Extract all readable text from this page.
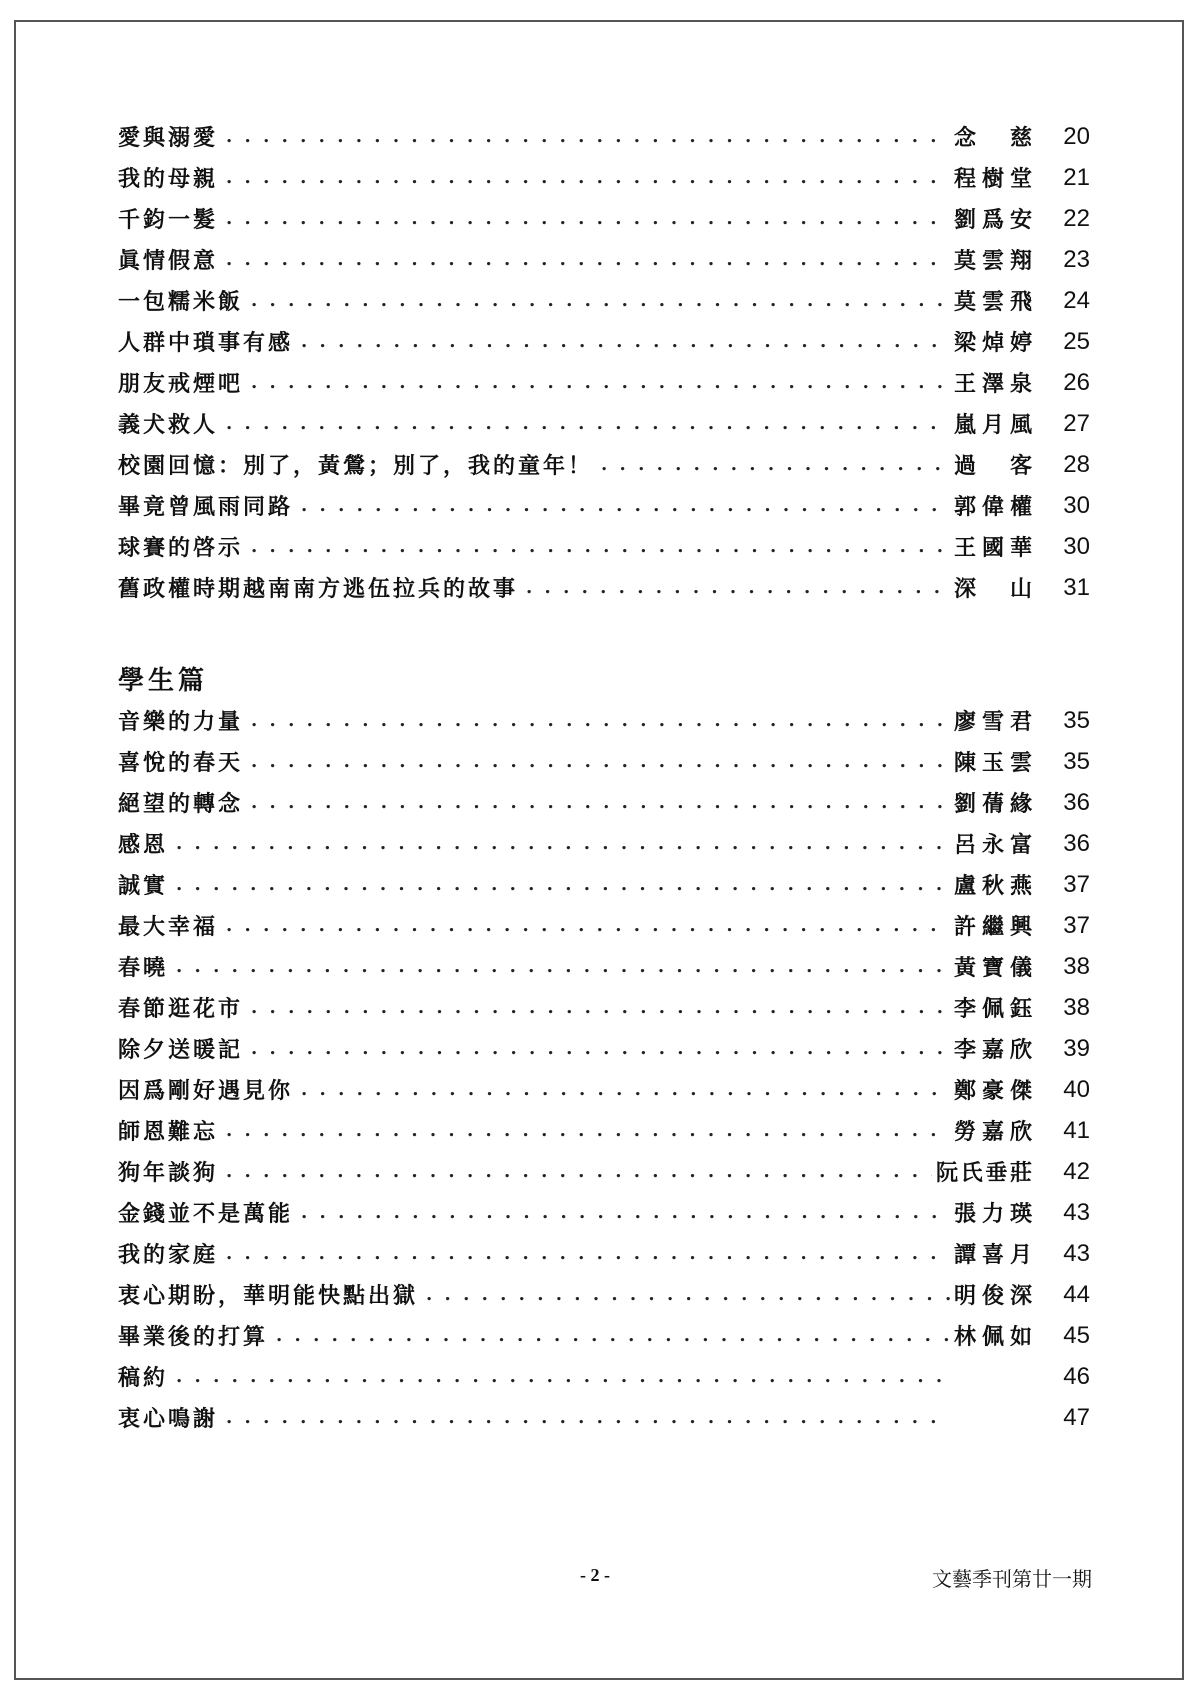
愛與溺愛 . . .	念　慈	20
我的母親 . . .	程樹堂	21
千鈞一髮 . . .	劉爲安	22
眞情假意 . . .	莫雲翔	23
一包糯米飯 . . .	莫雲飛	24
人群中瑣事有感 . . .	梁焯婷	25
朋友戒煙吧 . . .	王澤泉	26
義犬救人 . . .	嵐月風	27
校園回憶：別了，黃鶯；別了，我的童年！ . . .	過　客	28
畢竟曾風雨同路 . . .	郭偉權	30
球賽的啓示 . . .	王國華	30
舊政權時期越南南方逃伍拉兵的故事 . . .	深　山	31
學生篇
音樂的力量 . . .	廖雪君	35
喜悅的春天 . . .	陳玉雲	35
絕望的轉念 . . .	劉蒨緣	36
感恩 . . .	呂永富	36
誠實 . . .	盧秋燕	37
最大幸福 . . .	許繼興	37
春曉 . . .	黃寶儀	38
春節逛花市 . . .	李佩鈺	38
除夕送暖記 . . .	李嘉欣	39
因爲剛好遇見你 . . .	鄭豪傑	40
師恩難忘 . . .	勞嘉欣	41
狗年談狗 . . .	阮氏垂莊	42
金錢並不是萬能 . . .	張力瑛	43
我的家庭 . . .	譚喜月	43
衷心期盼，華明能快點出獄 . . .	明俊深	44
畢業後的打算 . . .	林佩如	45
稿約 . . .	46
衷心鳴謝 . . .	47
- 2 -	文藝季刊第廿一期
